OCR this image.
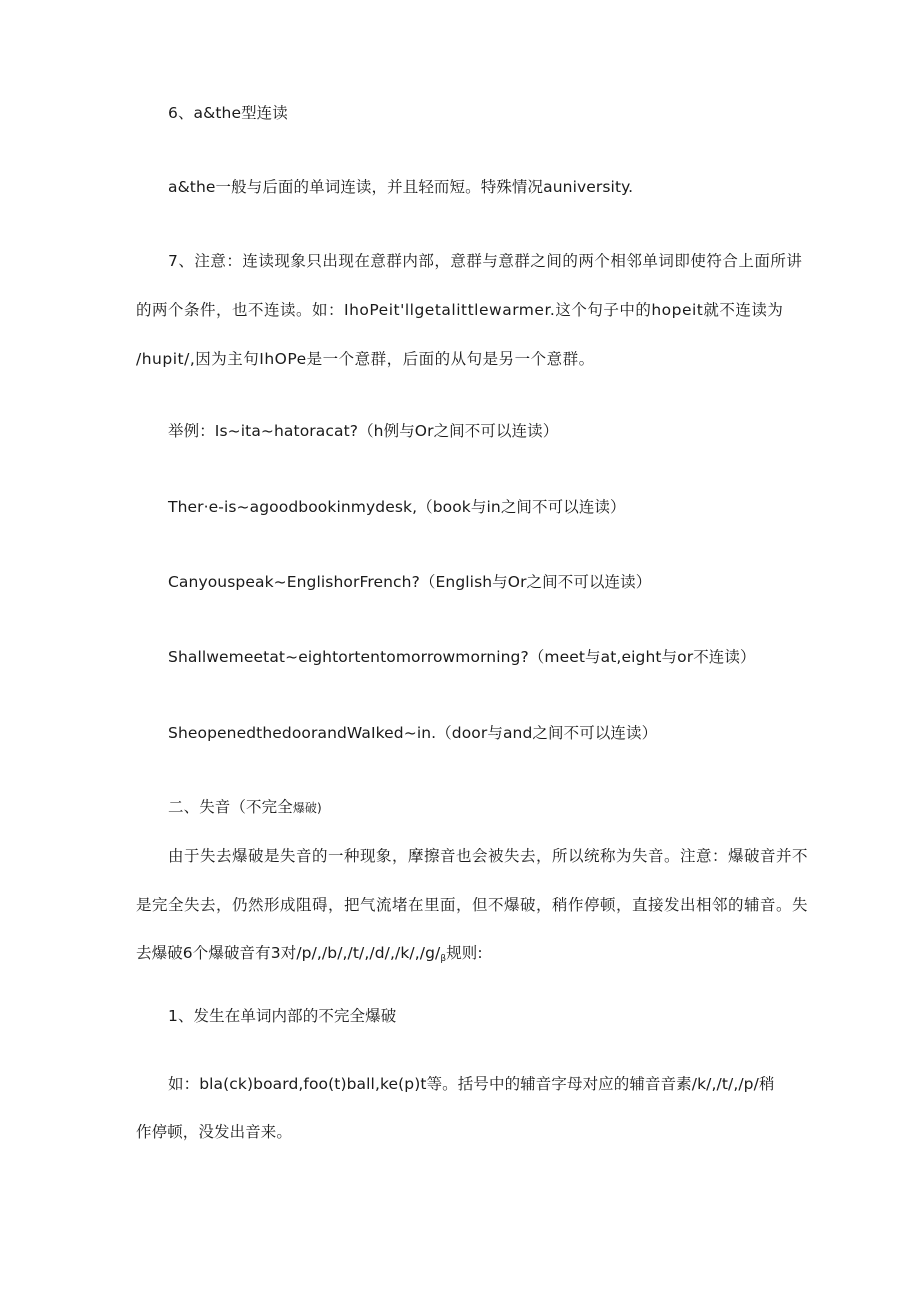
6、a&the型连读

a&the一般与后面的单词连读，并且轻而短。特殊情况auniversity.

7、注意：连读现象只出现在意群内部，意群与意群之间的两个相邻单词即使符合上面所讲

的两个条件，也不连读。如：IhoPeit'llgetalittlewarmer.这个句子中的hopeit就不连读为

/hupit/,因为主句IhOPe是一个意群，后面的从句是另一个意群。

举例：Is~ita~hatoracat?（h例与Or之间不可以连读）

Ther·e-is~agoodbookinmydesk,（book与in之间不可以连读）

Canyouspeak~EnglishorFrench?（English与Or之间不可以连读）

Shallwemeetat~eightortentomorrowmorning?（meet与at,eight与or不连读）

SheopenedthedoorandWaIked~in.（door与and之间不可以连读）

二、失音（不完全爆破)

由于失去爆破是失音的一种现象，摩擦音也会被失去，所以统称为失音。注意：爆破音并不

是完全失去，仍然形成阻碍，把气流堵在里面，但不爆破，稍作停顿，直接发出相邻的辅音。失

去爆破6个爆破音有3对$/p/,/b/,/t/,/d/,/k/,/g/_\beta$规则:

1、发生在单词内部的不完全爆破

如：bla(ck)board,foo(t)ball,ke(p)t等。括号中的辅音字母对应的辅音音素/k/,/t/,/p/稍

作停顿，没发出音来。
